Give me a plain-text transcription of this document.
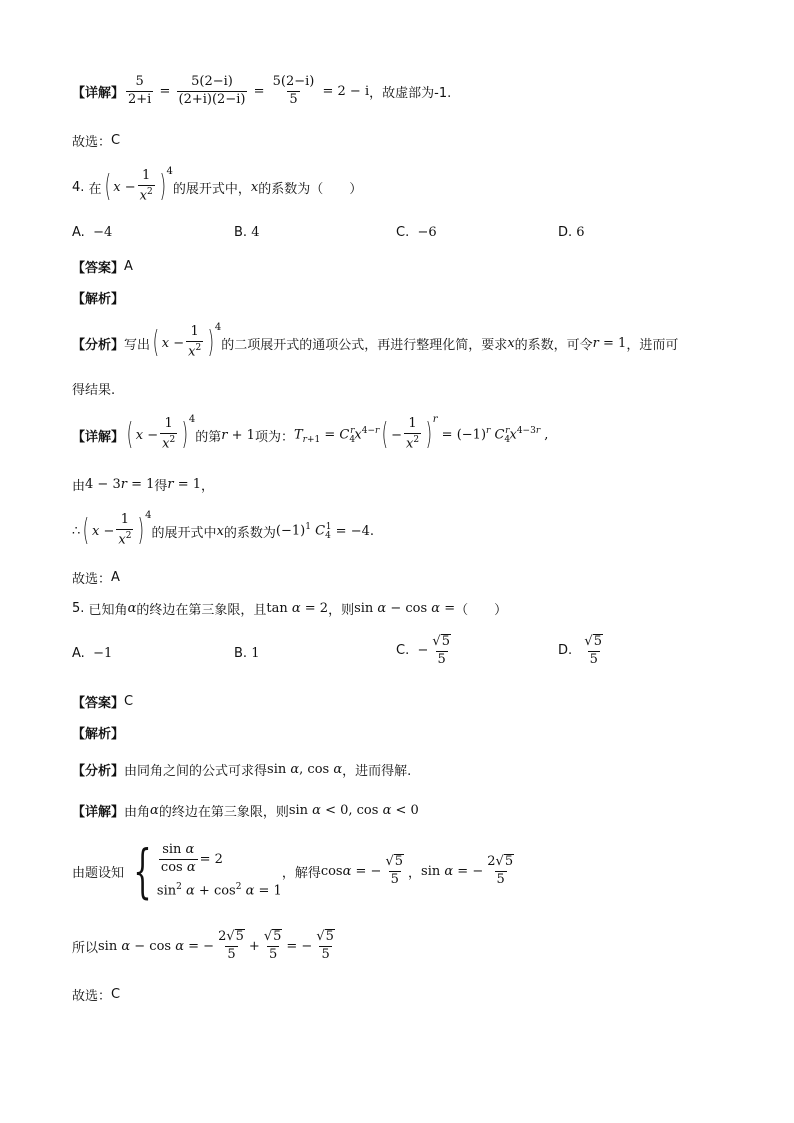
【详解】 $\frac{5}{2+i} = \frac{5(2-i)}{(2+i)(2-i)} = \frac{5(2-i)}{5} = 2 - i$ ，故虚部为-1.
故选： C
4.
在 ( $x - \frac{1}{x^2}$ ) 4
的展开式中， x 的系数为（　　）
A.
−4	B.
4	C.
−6	D.
6
【答案】 A
【解析】
【分析】 写出 ( $x - \frac{1}{x^2}$ ) 4
的二项展开式的通项公式，再进行整理化简，要求 x 的系数，可令 r = 1 ，进而可
得结果.
【详解】 ( $x - \frac{1}{x^2}$ ) 4
的第 r + 1 项为： $T_{r+1} = C_4^rx^{4-r}$ ( − $\frac{1}{x^2}$ ) r
= $(-1)^r$ $C_4^rx^{4-3r}$ ,
由 4 − 3r = 1 得 r = 1 ，
∴ ( $x - \frac{1}{x^2}$ ) 4
的展开式中 x 的系数为 $(-1)^1$ $C_4^1 = -4$.
故选： A
5.
已知角 α 的终边在第三象限，且 tan α = 2 ，则 sin α − cos α = （　　）
A.
−1	B.
1	C.
− $\frac{√ 5}{5}$	D.
$\frac{√ 5}{5}$
【答案】 C
【解析】
【分析】 由同角之间的公式可求得 sin α, cos α ，进而得解.
【详解】 由角 α 的终边在第三象限，则 sin α < 0, cos α < 0
由题设知 { $\frac{\text{sin α}}{\text{cos α}} = 2$
$\sin^2 \alpha + \cos^2 \alpha = 1$
，解得 cosα = − $\frac{√ 5}{5}$ ， sin α = − $\frac{2 √ 5}{5}$
所以 sin α − cos α = − $\frac{2 √ 5}{5} + \frac{√ 5}{5}$ = − $\frac{√ 5}{5}$
故选： C
